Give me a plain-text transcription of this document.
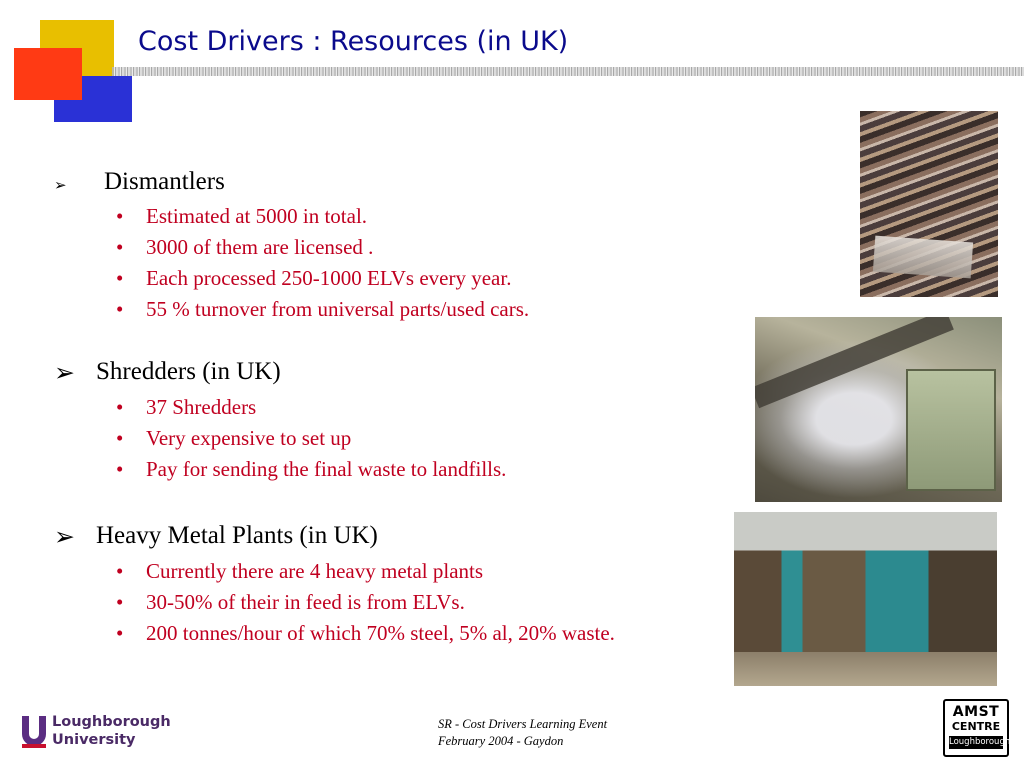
Cost Drivers : Resources (in UK)
➢ Dismantlers
• Estimated at 5000 in total.
• 3000 of them are licensed .
• Each processed 250-1000 ELVs every year.
• 55 % turnover from universal parts/used cars.
➢ Shredders (in UK)
• 37 Shredders
• Very expensive to set up
• Pay for sending the final waste to landfills.
➢ Heavy Metal Plants (in UK)
• Currently there are 4 heavy metal plants
• 30-50% of their in feed is from ELVs.
• 200 tonnes/hour of which 70% steel, 5% al, 20% waste.
Loughborough
University
SR - Cost Drivers Learning Event
February 2004 - Gaydon
AMST
CENTRE
Loughborough
